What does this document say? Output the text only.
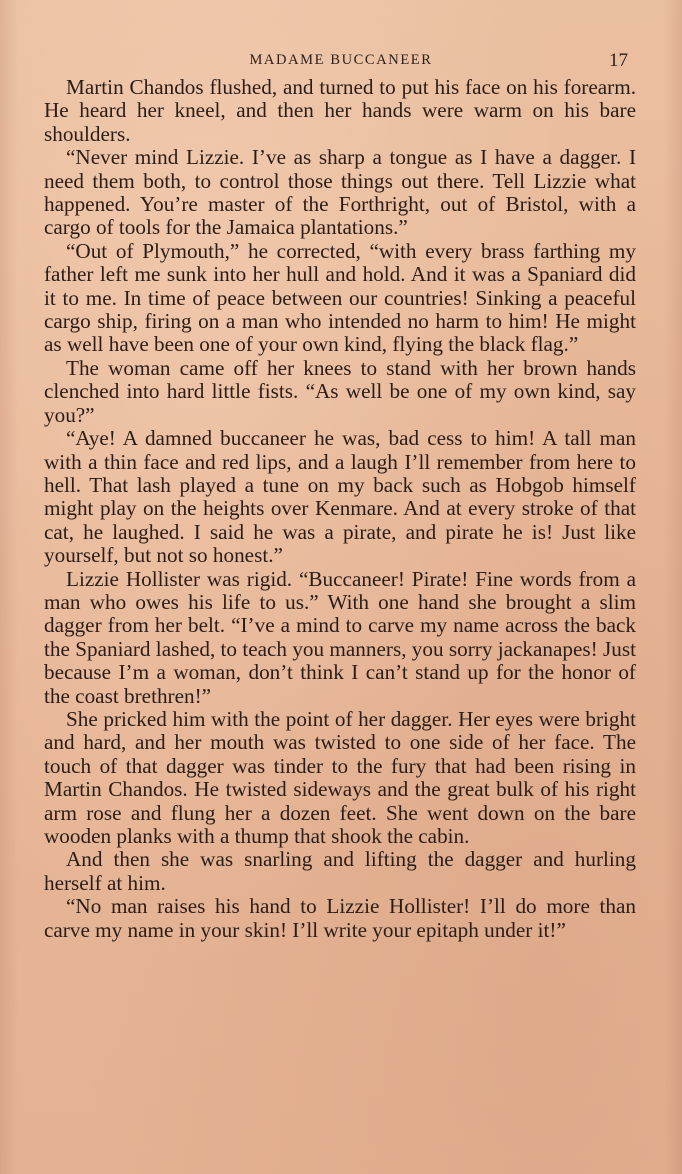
MADAME BUCCANEER	17

Martin Chandos flushed, and turned to put his face on his forearm. He heard her kneel, and then her hands were warm on his bare shoulders.

“Never mind Lizzie. I’ve as sharp a tongue as I have a dagger. I need them both, to control those things out there. Tell Lizzie what happened. You’re master of the Forthright, out of Bristol, with a cargo of tools for the Jamaica plantations.”

“Out of Plymouth,” he corrected, “with every brass farthing my father left me sunk into her hull and hold. And it was a Spaniard did it to me. In time of peace between our countries! Sinking a peaceful cargo ship, firing on a man who intended no harm to him! He might as well have been one of your own kind, flying the black flag.”

The woman came off her knees to stand with her brown hands clenched into hard little fists. “As well be one of my own kind, say you?”

“Aye! A damned buccaneer he was, bad cess to him! A tall man with a thin face and red lips, and a laugh I’ll remember from here to hell. That lash played a tune on my back such as Hobgob himself might play on the heights over Kenmare. And at every stroke of that cat, he laughed. I said he was a pirate, and pirate he is! Just like yourself, but not so honest.”

Lizzie Hollister was rigid. “Buccaneer! Pirate! Fine words from a man who owes his life to us.” With one hand she brought a slim dagger from her belt. “I’ve a mind to carve my name across the back the Spaniard lashed, to teach you manners, you sorry jackanapes! Just because I’m a woman, don’t think I can’t stand up for the honor of the coast brethren!”

She pricked him with the point of her dagger. Her eyes were bright and hard, and her mouth was twisted to one side of her face. The touch of that dagger was tinder to the fury that had been rising in Martin Chandos. He twisted sideways and the great bulk of his right arm rose and flung her a dozen feet. She went down on the bare wooden planks with a thump that shook the cabin.

And then she was snarling and lifting the dagger and hurling herself at him.

“No man raises his hand to Lizzie Hollister! I’ll do more than carve my name in your skin! I’ll write your epitaph under it!”
